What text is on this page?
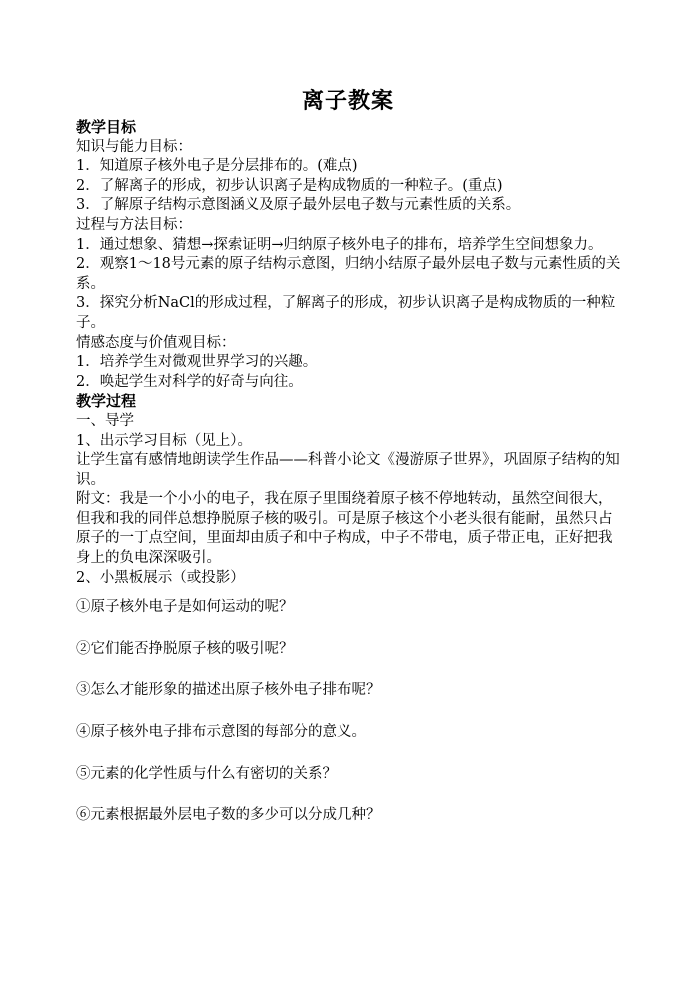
离子教案

教学目标

知识与能力目标：

1．知道原子核外电子是分层排布的。(难点)

2．了解离子的形成，初步认识离子是构成物质的一种粒子。(重点)

3．了解原子结构示意图涵义及原子最外层电子数与元素性质的关系。

过程与方法目标：

1．通过想象、猜想→探索证明→归纳原子核外电子的排布，培养学生空间想象力。

2．观察1～18号元素的原子结构示意图，归纳小结原子最外层电子数与元素性质的关系。

3．探究分析NaCl的形成过程，了解离子的形成，初步认识离子是构成物质的一种粒子。

情感态度与价值观目标：

1．培养学生对微观世界学习的兴趣。

2．唤起学生对科学的好奇与向往。

教学过程

一、导学

1、出示学习目标（见上）。

让学生富有感情地朗读学生作品——科普小论文《漫游原子世界》，巩固原子结构的知识。

附文：我是一个小小的电子，我在原子里围绕着原子核不停地转动，虽然空间很大，但我和我的同伴总想挣脱原子核的吸引。可是原子核这个小老头很有能耐，虽然只占原子的一丁点空间，里面却由质子和中子构成，中子不带电，质子带正电，正好把我身上的负电深深吸引。

2、小黑板展示（或投影）

①原子核外电子是如何运动的呢？

②它们能否挣脱原子核的吸引呢？

③怎么才能形象的描述出原子核外电子排布呢？

④原子核外电子排布示意图的每部分的意义。

⑤元素的化学性质与什么有密切的关系？

⑥元素根据最外层电子数的多少可以分成几种？
